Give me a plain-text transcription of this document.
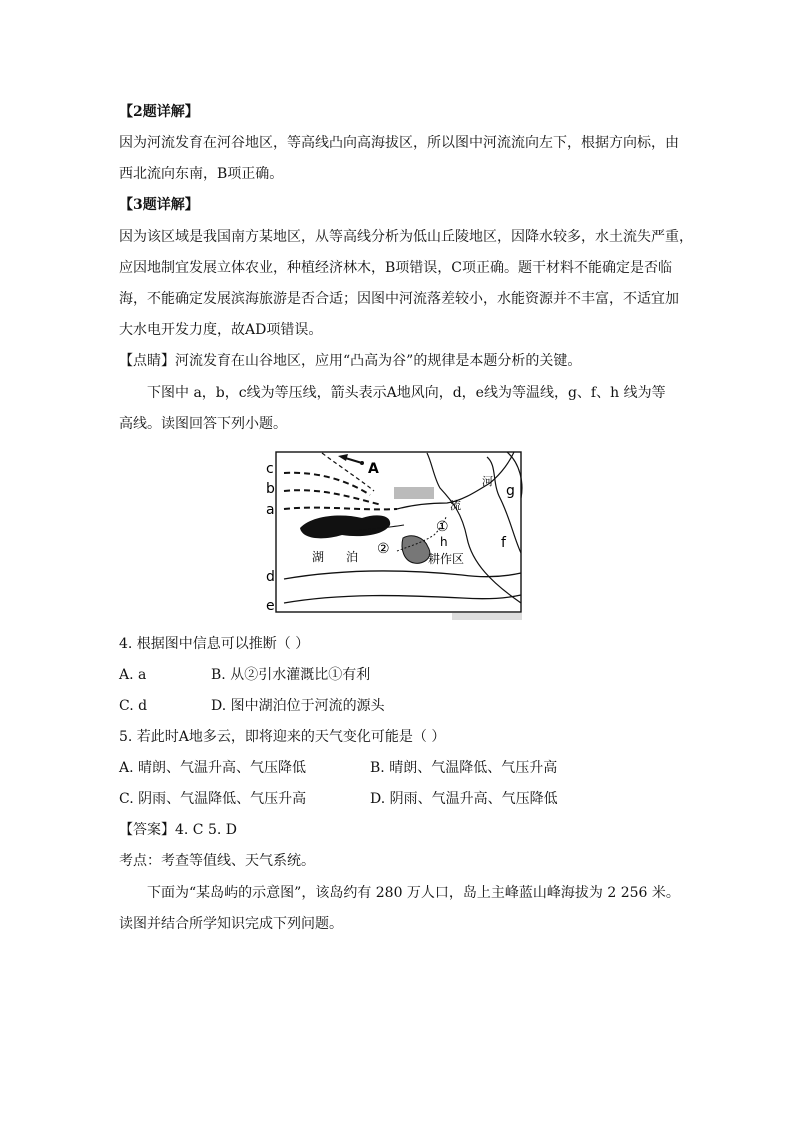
【2题详解】
因为河流发育在河谷地区，等高线凸向高海拔区，所以图中河流流向左下，根据方向标，由
西北流向东南，B项正确。
【3题详解】
因为该区域是我国南方某地区，从等高线分析为低山丘陵地区，因降水较多，水土流失严重，
应因地制宜发展立体农业，种植经济林木，B项错误，C项正确。题干材料不能确定是否临
海，不能确定发展滨海旅游是否合适；因图中河流落差较小，水能资源并不丰富，不适宜加
大水电开发力度，故AD项错误。
【点睛】河流发育在山谷地区，应用“凸高为谷”的规律是本题分析的关键。
下图中 a，b，c线为等压线，箭头表示A地风向，d，e线为等温线，g、f、h 线为等
高线。读图回答下列小题。
c
b
a
d
e
A
g
f
h
①
②
湖 泊
河
流
耕作区
4. 根据图中信息可以推断（ ）
A. a	B. 从②引水灌溉比①有利
C. d	D. 图中湖泊位于河流的源头
5. 若此时A地多云，即将迎来的天气变化可能是（ ）
A. 晴朗、气温升高、气压降低	B. 晴朗、气温降低、气压升高
C. 阴雨、气温降低、气压升高	D. 阴雨、气温升高、气压降低
【答案】4. C 5. D
考点：考查等值线、天气系统。
下面为“某岛屿的示意图”，该岛约有 280 万人口，岛上主峰蓝山峰海拔为 2 256 米。
读图并结合所学知识完成下列问题。
